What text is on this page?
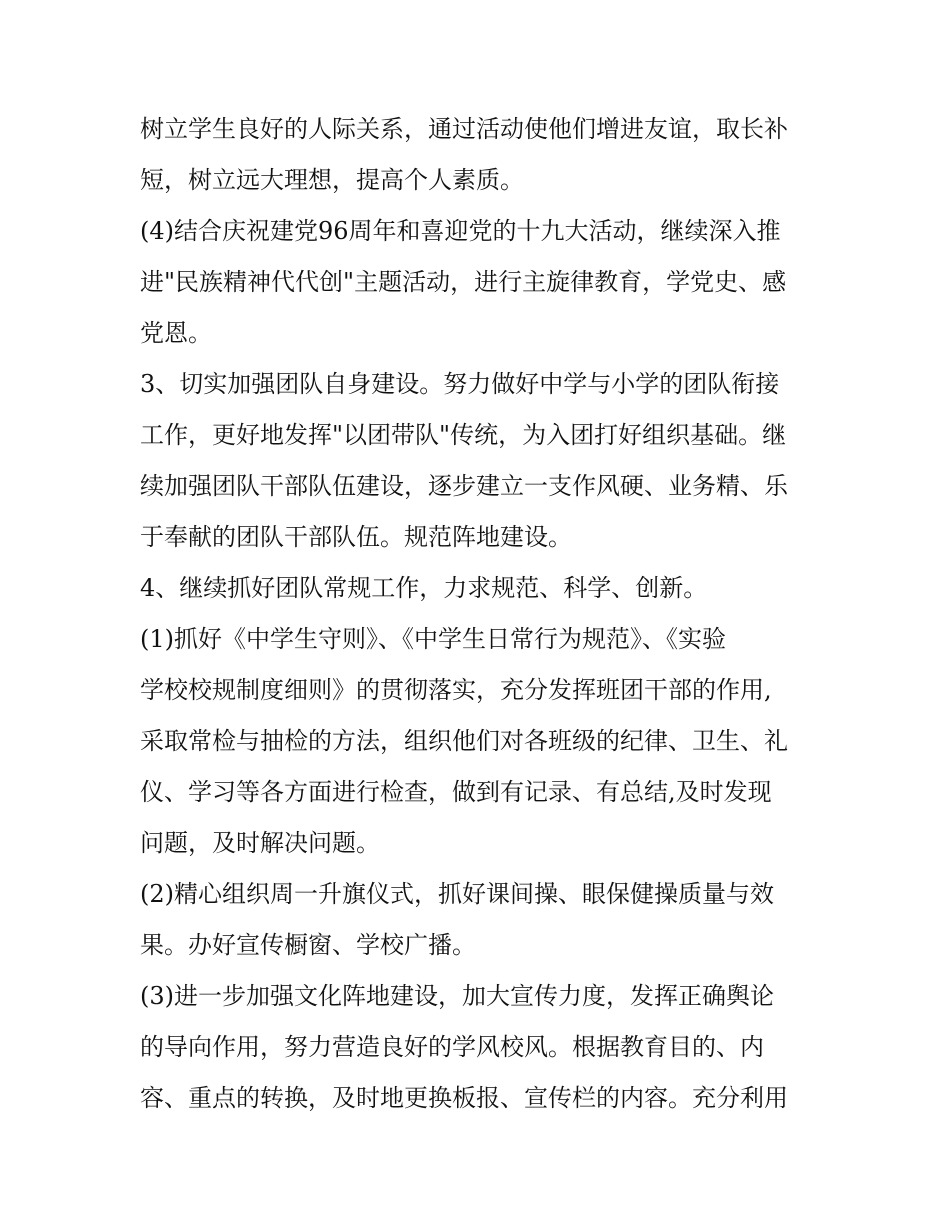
树立学生良好的人际关系，通过活动使他们增进友谊，取长补
短，树立远大理想，提高个人素质。
(4)结合庆祝建党96周年和喜迎党的十九大活动，继续深入推
进"民族精神代代创"主题活动，进行主旋律教育，学党史、感
党恩。
3、切实加强团队自身建设。努力做好中学与小学的团队衔接
工作，更好地发挥"以团带队"传统，为入团打好组织基础。继
续加强团队干部队伍建设，逐步建立一支作风硬、业务精、乐
于奉献的团队干部队伍。规范阵地建设。
4、继续抓好团队常规工作，力求规范、科学、创新。
(1)抓好《中学生守则》、《中学生日常行为规范》、《实验
学校校规制度细则》的贯彻落实，充分发挥班团干部的作用,
采取常检与抽检的方法，组织他们对各班级的纪律、卫生、礼
仪、学习等各方面进行检查，做到有记录、有总结,及时发现
问题，及时解决问题。
(2)精心组织周一升旗仪式，抓好课间操、眼保健操质量与效
果。办好宣传橱窗、学校广播。
(3)进一步加强文化阵地建设，加大宣传力度，发挥正确舆论
的导向作用，努力营造良好的学风校风。根据教育目的、内
容、重点的转换，及时地更换板报、宣传栏的内容。充分利用
